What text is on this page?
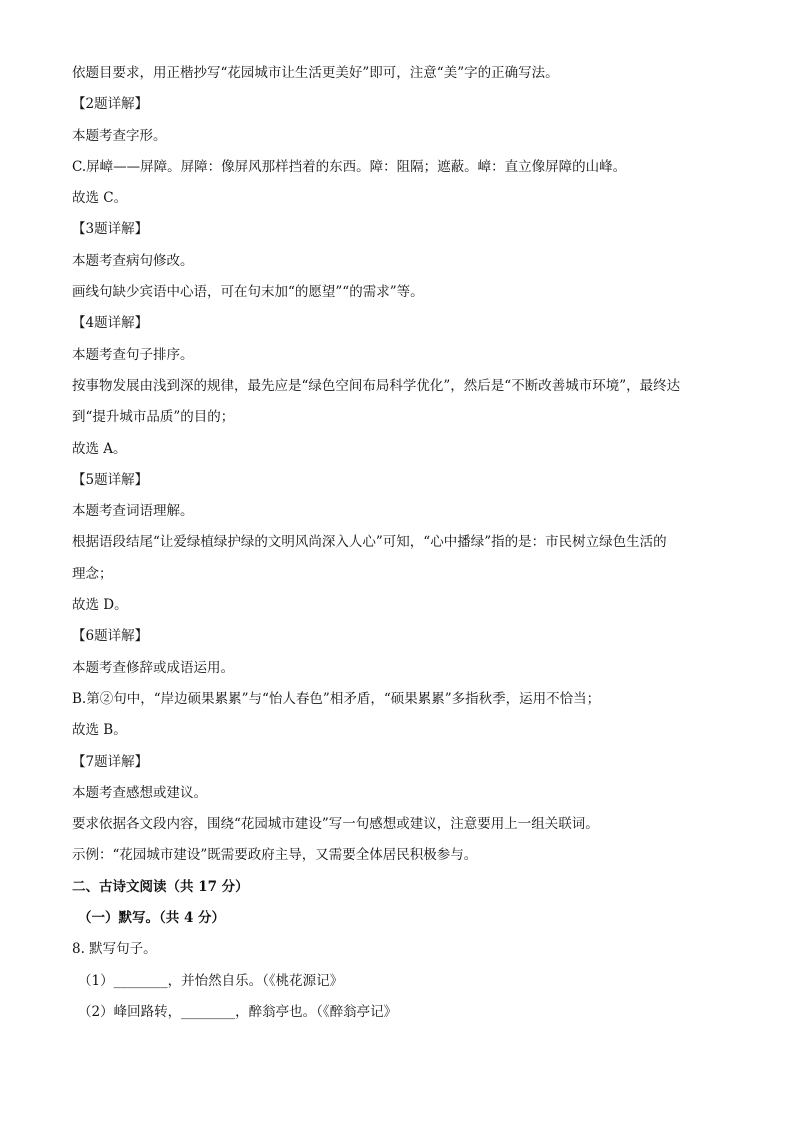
依题目要求，用正楷抄写“花园城市让生活更美好”即可，注意“美”字的正确写法。
【2题详解】
本题考查字形。
C.屏嶂——屏障。屏障：像屏风那样挡着的东西。障：阻隔；遮蔽。嶂：直立像屏障的山峰。
故选 C。
【3题详解】
本题考查病句修改。
画线句缺少宾语中心语，可在句末加“的愿望”“的需求”等。
【4题详解】
本题考查句子排序。
按事物发展由浅到深的规律，最先应是“绿色空间布局科学优化”，然后是“不断改善城市环境”，最终达
到“提升城市品质”的目的；
故选 A。
【5题详解】
本题考查词语理解。
根据语段结尾“让爱绿植绿护绿的文明风尚深入人心”可知，“心中播绿”指的是：市民树立绿色生活的
理念；
故选 D。
【6题详解】
本题考查修辞或成语运用。
B.第②句中，“岸边硕果累累”与“怡人春色”相矛盾，“硕果累累”多指秋季，运用不恰当；
故选 B。
【7题详解】
本题考查感想或建议。
要求依据各文段内容，围绕“花园城市建设”写一句感想或建议，注意要用上一组关联词。
示例：“花园城市建设”既需要政府主导，又需要全体居民积极参与。
二、古诗文阅读（共 17 分）
（一）默写。（共 4 分）
8. 默写句子。
（1）________，并怡然自乐。（《桃花源记》
（2）峰回路转，________，醉翁亭也。（《醉翁亭记》
